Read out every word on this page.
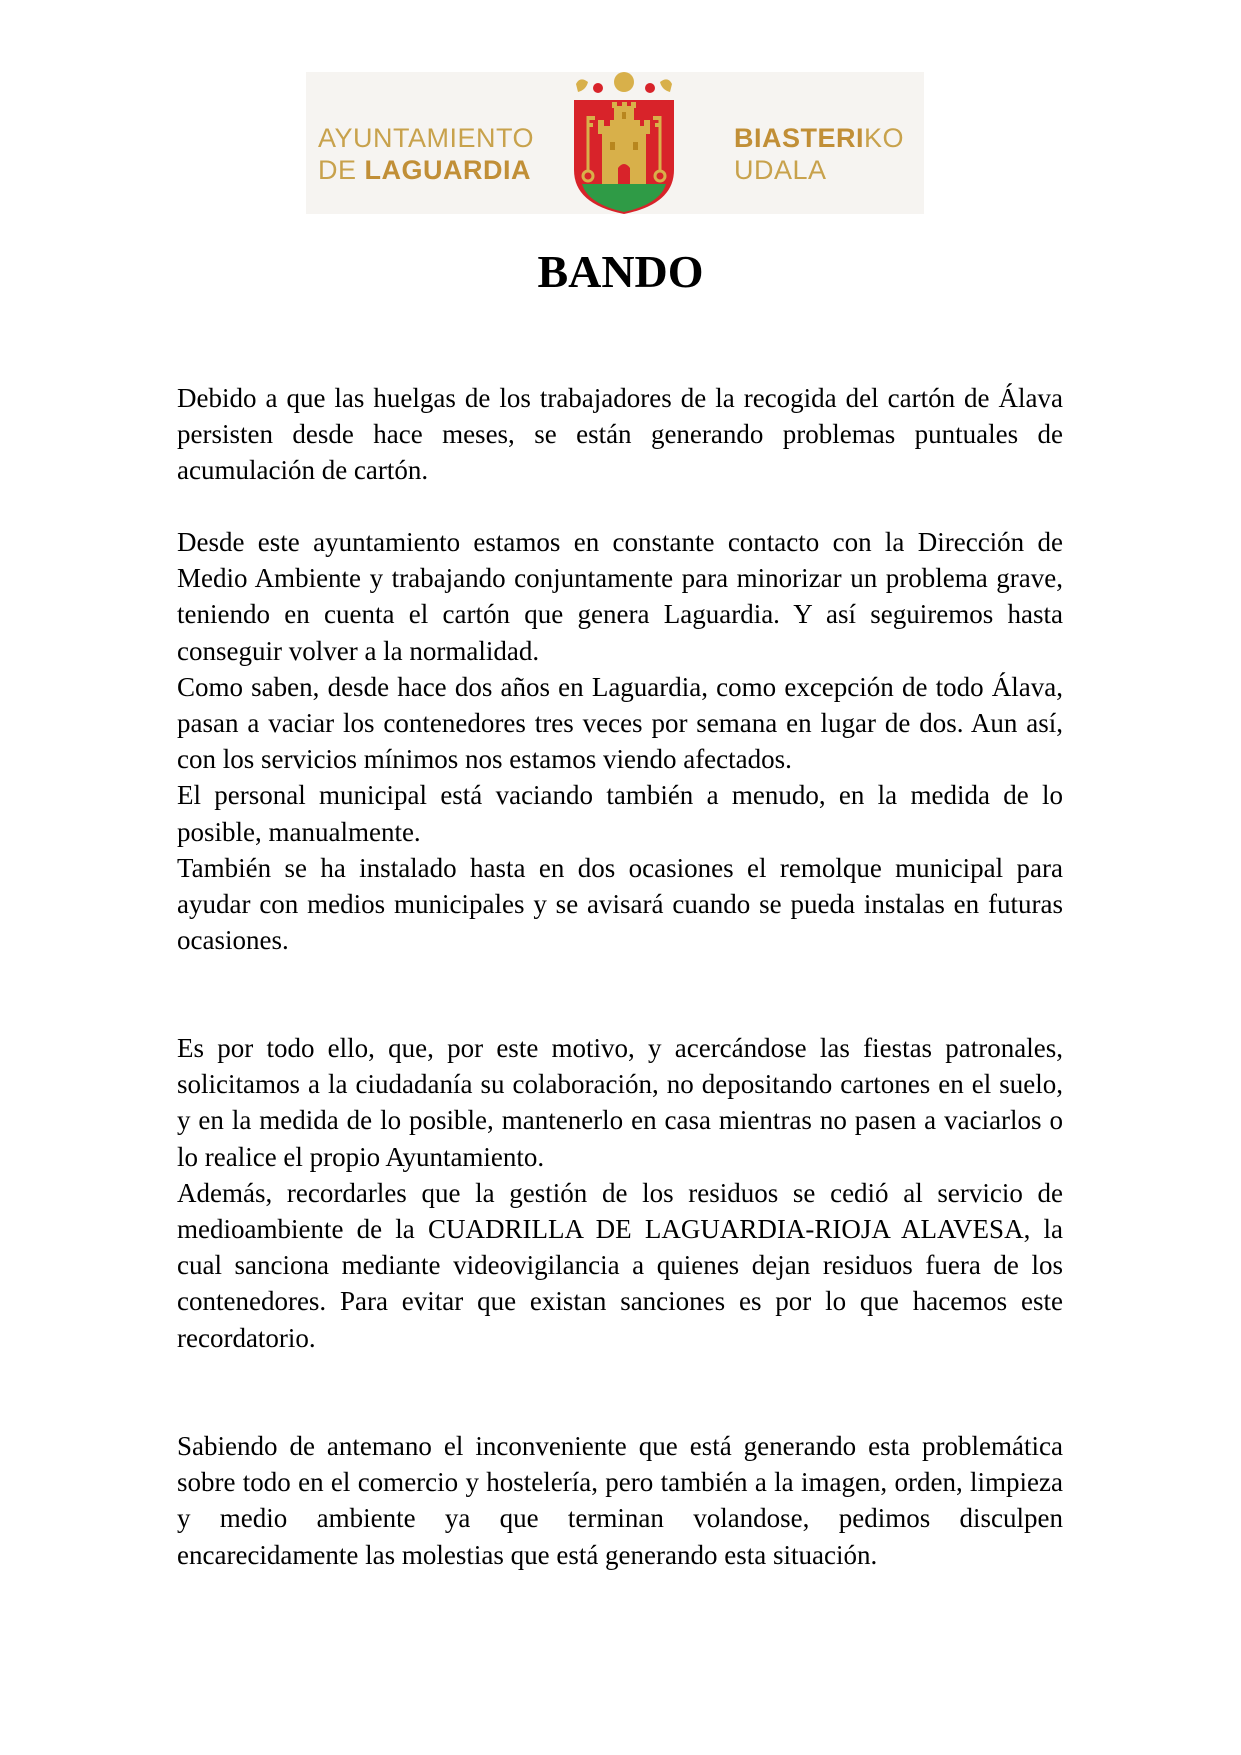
AYUNTAMIENTO
DE LAGUARDIA
BIASTERIKO
UDALA
BANDO

Debido a que las huelgas de los trabajadores de la recogida del cartón de Álava persisten desde hace meses, se están generando problemas puntuales de acumulación de cartón.

Desde este ayuntamiento estamos en constante contacto con la Dirección de Medio Ambiente y trabajando conjuntamente para minorizar un problema grave, teniendo en cuenta el cartón que genera Laguardia. Y así seguiremos hasta conseguir volver a la normalidad.

Como saben, desde hace dos años en Laguardia, como excepción de todo Álava, pasan a vaciar los contenedores tres veces por semana en lugar de dos. Aun así, con los servicios mínimos nos estamos viendo afectados.

El personal municipal está vaciando también a menudo, en la medida de lo posible, manualmente.

También se ha instalado hasta en dos ocasiones el remolque municipal para ayudar con medios municipales y se avisará cuando se pueda instalas en futuras ocasiones.

Es por todo ello, que, por este motivo, y acercándose las fiestas patronales, solicitamos a la ciudadanía su colaboración, no depositando cartones en el suelo, y en la medida de lo posible, mantenerlo en casa mientras no pasen a vaciarlos o lo realice el propio Ayuntamiento.

Además, recordarles que la gestión de los residuos se cedió al servicio de medioambiente de la CUADRILLA DE LAGUARDIA-RIOJA ALAVESA, la cual sanciona mediante videovigilancia a quienes dejan residuos fuera de los contenedores. Para evitar que existan sanciones es por lo que hacemos este recordatorio.

Sabiendo de antemano el inconveniente que está generando esta problemática sobre todo en el comercio y hostelería, pero también a la imagen, orden, limpieza y medio ambiente ya que terminan volandose, pedimos disculpen encarecidamente las molestias que está generando esta situación.
